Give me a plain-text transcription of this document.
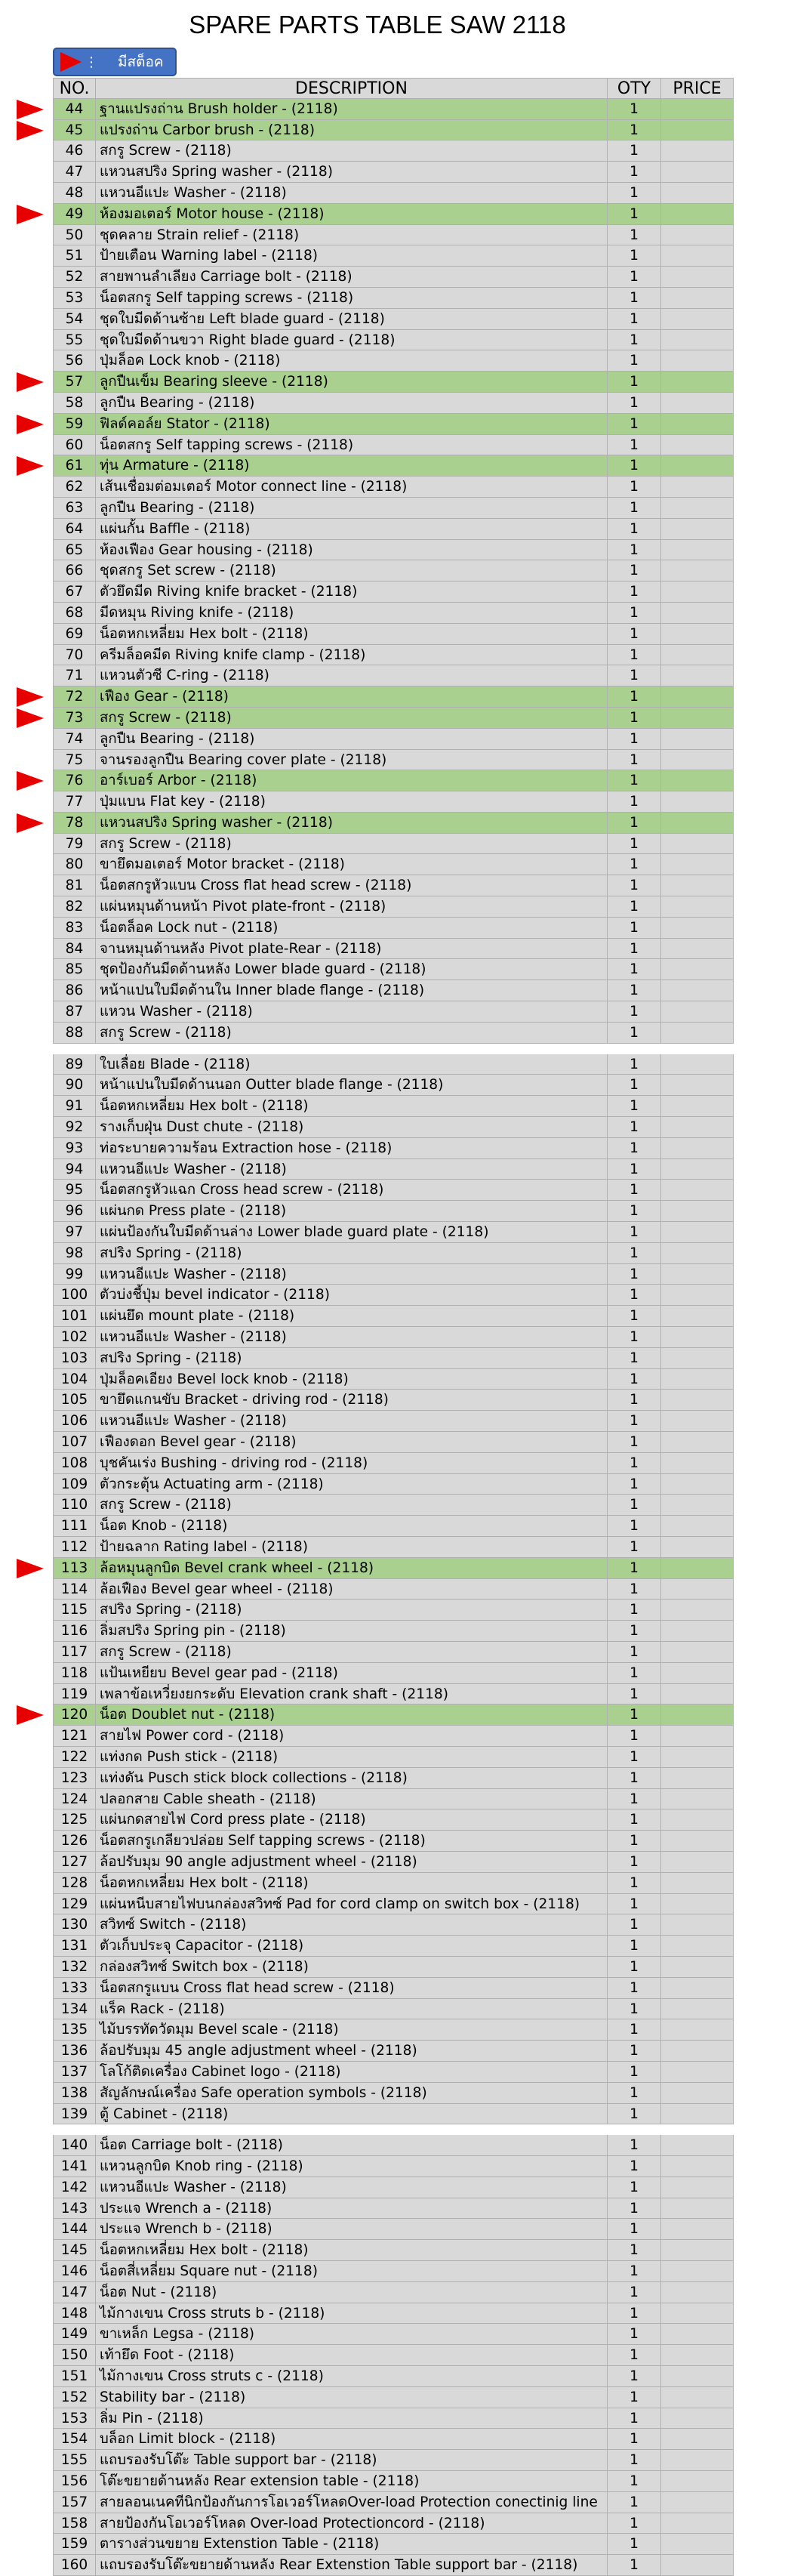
SPARE PARTS TABLE SAW 2118
⋮ มีสต็อค
NO.	DESCRIPTION	OTY	PRICE
44	ฐานแปรงถ่าน Brush holder - (2118)	1
45	แปรงถ่าน Carbor brush - (2118)	1
46	สกรู Screw - (2118)	1
47	แหวนสปริง Spring washer - (2118)	1
48	แหวนอีแปะ Washer - (2118)	1
49	ห้องมอเตอร์ Motor house - (2118)	1
50	ชุดคลาย Strain relief - (2118)	1
51	ป้ายเตือน Warning label - (2118)	1
52	สายพานลำเลียง Carriage bolt - (2118)	1
53	น็อตสกรู Self tapping screws - (2118)	1
54	ชุดใบมีดด้านซ้าย Left blade guard - (2118)	1
55	ชุดใบมีดด้านขวา Right blade guard - (2118)	1
56	ปุ่มล็อค Lock knob - (2118)	1
57	ลูกปืนเข็ม Bearing sleeve - (2118)	1
58	ลูกปืน Bearing - (2118)	1
59	ฟิลด์คอล์ย Stator - (2118)	1
60	น็อตสกรู Self tapping screws - (2118)	1
61	ทุ่น Armature - (2118)	1
62	เส้นเชื่อมต่อมเตอร์ Motor connect line - (2118)	1
63	ลูกปืน Bearing - (2118)	1
64	แผ่นกั้น Baffle - (2118)	1
65	ห้องเฟือง Gear housing - (2118)	1
66	ชุดสกรู Set screw - (2118)	1
67	ตัวยึดมีด Riving knife bracket - (2118)	1
68	มีดหมุน Riving knife - (2118)	1
69	น็อตหกเหลี่ยม Hex bolt - (2118)	1
70	ครีมล็อคมีด Riving knife clamp - (2118)	1
71	แหวนตัวซี C-ring - (2118)	1
72	เฟือง Gear - (2118)	1
73	สกรู Screw - (2118)	1
74	ลูกปืน Bearing - (2118)	1
75	จานรองลูกปืน Bearing cover plate - (2118)	1
76	อาร์เบอร์ Arbor - (2118)	1
77	ปุ่มแบน Flat key - (2118)	1
78	แหวนสปริง Spring washer - (2118)	1
79	สกรู Screw - (2118)	1
80	ขายึดมอเตอร์ Motor bracket - (2118)	1
81	น็อตสกรูหัวแบน Cross flat head screw - (2118)	1
82	แผ่นหมุนด้านหน้า Pivot plate-front - (2118)	1
83	น็อตล็อค Lock nut - (2118)	1
84	จานหมุนด้านหลัง Pivot plate-Rear - (2118)	1
85	ชุดป้องกันมีดด้านหลัง Lower blade guard - (2118)	1
86	หน้าแปนใบมีดด้านใน Inner blade flange - (2118)	1
87	แหวน Washer - (2118)	1
88	สกรู Screw - (2118)	1
89	ใบเลื่อย Blade - (2118)	1
90	หน้าแปนใบมีดด้านนอก Outter blade flange - (2118)	1
91	น็อตหกเหลี่ยม Hex bolt - (2118)	1
92	รางเก็บฝุ่น Dust chute - (2118)	1
93	ท่อระบายความร้อน Extraction hose - (2118)	1
94	แหวนอีแปะ Washer - (2118)	1
95	น็อตสกรูหัวแฉก Cross head screw - (2118)	1
96	แผ่นกด Press plate - (2118)	1
97	แผ่นป้องกันใบมีดด้านล่าง Lower blade guard plate - (2118)	1
98	สปริง Spring - (2118)	1
99	แหวนอีแปะ Washer - (2118)	1
100 ตัวบ่งชี้ปุ่ม bevel indicator - (2118)	1
101 แผ่นยึด mount plate - (2118)	1
102 แหวนอีแปะ Washer - (2118)	1
103 สปริง Spring - (2118)	1
104 ปุ่มล็อคเอียง Bevel lock knob - (2118)	1
105 ขายึดแกนขับ Bracket - driving rod - (2118)	1
106 แหวนอีแปะ Washer - (2118)	1
107 เฟืองดอก Bevel gear - (2118)	1
108 บุชคันเร่ง Bushing - driving rod - (2118)	1
109 ตัวกระตุ้น Actuating arm - (2118)	1
110 สกรู Screw - (2118)	1
111 น็อต Knob - (2118)	1
112 ป้ายฉลาก Rating label - (2118)	1
113 ล้อหมุนลูกบิด Bevel crank wheel - (2118)	1
114 ล้อเฟือง Bevel gear wheel - (2118)	1
115 สปริง Spring - (2118)	1
116 ลิ่มสปริง Spring pin - (2118)	1
117 สกรู Screw - (2118)	1
118 แป้นเหยียบ Bevel gear pad - (2118)	1
119 เพลาข้อเหวี่ยงยกระดับ Elevation crank shaft - (2118)	1
120 น็อต Doublet nut - (2118)	1
121 สายไฟ Power cord - (2118)	1
122 แท่งกด Push stick - (2118)	1
123 แท่งดัน Pusch stick block collections - (2118)	1
124 ปลอกสาย Cable sheath - (2118)	1
125 แผ่นกดสายไฟ Cord press plate - (2118)	1
126 น็อตสกรูเกลียวปล่อย Self tapping screws - (2118)	1
127 ล้อปรับมุม 90 angle adjustment wheel - (2118)	1
128 น็อตหกเหลี่ยม Hex bolt - (2118)	1
129 แผ่นหนีบสายไฟบนกล่องสวิทซ์ Pad for cord clamp on switch box - (2118)	1
130 สวิทซ์ Switch - (2118)	1
131 ตัวเก็บประจุ Capacitor - (2118)	1
132 กล่องสวิทซ์ Switch box - (2118)	1
133 น็อตสกรูแบน Cross flat head screw - (2118)	1
134 แร็ค Rack - (2118)	1
135 ไม้บรรทัดวัดมุม Bevel scale - (2118)	1
136 ล้อปรับมุม 45 angle adjustment wheel - (2118)	1
137 โลโก้ติดเครื่อง Cabinet logo - (2118)	1
138 สัญลักษณ์เครื่อง Safe operation symbols - (2118)	1
139 ตู้ Cabinet - (2118)	1
140 น็อต Carriage bolt - (2118)	1
141 แหวนลูกบิด Knob ring - (2118)	1
142 แหวนอีแปะ Washer - (2118)	1
143 ประแจ Wrench a - (2118)	1
144 ประแจ Wrench b - (2118)	1
145 น็อตหกเหลี่ยม Hex bolt - (2118)	1
146 น็อตสี่เหลี่ยม Square nut - (2118)	1
147 น็อต Nut - (2118)	1
148 ไม้กางเขน Cross struts b - (2118)	1
149 ขาเหล็ก Legsa - (2118)	1
150 เท้ายึด Foot - (2118)	1
151 ไม้กางเขน Cross struts c - (2118)	1
152 Stability bar - (2118)	1
153 ลิ่ม Pin - (2118)	1
154 บล็อก Limit block - (2118)	1
155 แถบรองรับโต๊ะ Table support bar - (2118)	1
156 โต๊ะขยายด้านหลัง Rear extension table - (2118)	1
157 สายลอนเนคทีนิกป้องกันการโอเวอร์โหลดOver-load Protection conectinig line	1
158 สายป้องกันโอเวอร์โหลด Over-load Protectioncord - (2118)	1
159 ตารางส่วนขยาย Extenstion Table - (2118)	1
160 แถบรองรับโต๊ะขยายด้านหลัง Rear Extenstion Table support bar - (2118)	1
